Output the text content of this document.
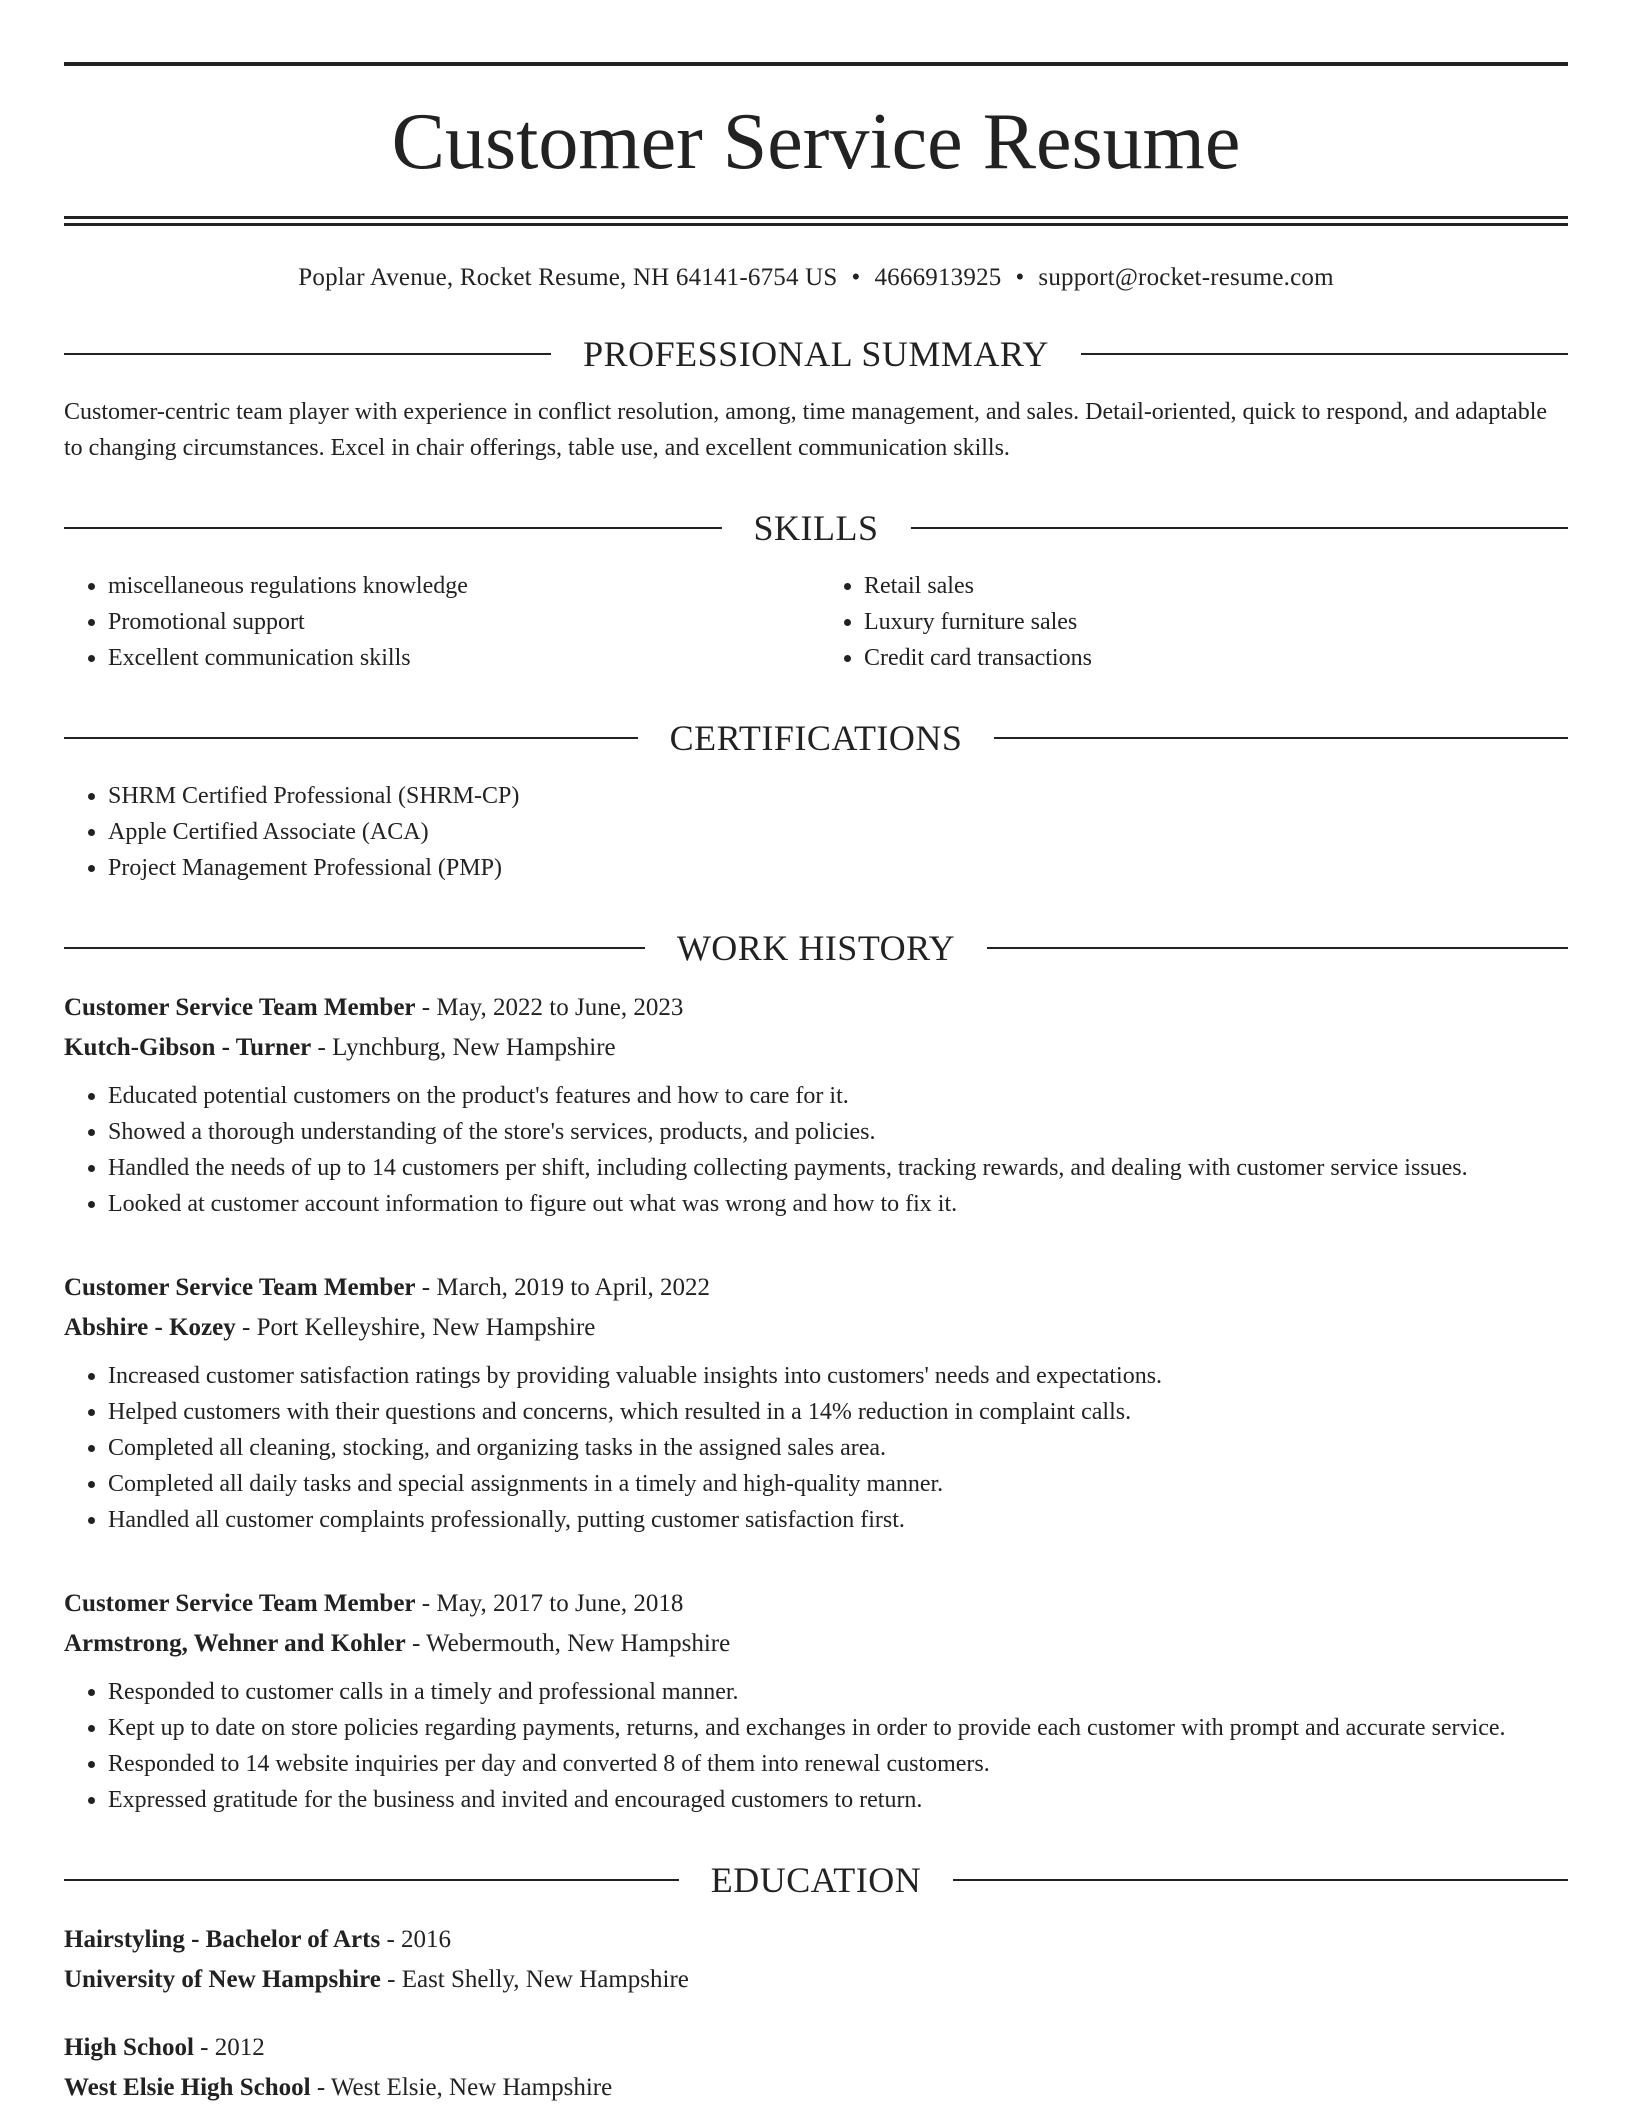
Customer Service Resume
Poplar Avenue, Rocket Resume, NH 64141-6754 US • 4666913925 • support@rocket-resume.com
PROFESSIONAL SUMMARY

Customer-centric team player with experience in conflict resolution, among, time management, and sales. Detail-oriented, quick to respond, and adaptable to changing circumstances. Excel in chair offerings, table use, and excellent communication skills.

SKILLS
• miscellaneous regulations knowledge
• Promotional support
• Excellent communication skills
• Retail sales
• Luxury furniture sales
• Credit card transactions
CERTIFICATIONS
• SHRM Certified Professional (SHRM-CP)
• Apple Certified Associate (ACA)
• Project Management Professional (PMP)
WORK HISTORY
Customer Service Team Member - May, 2022 to June, 2023
Kutch-Gibson - Turner - Lynchburg, New Hampshire
• Educated potential customers on the product's features and how to care for it.
• Showed a thorough understanding of the store's services, products, and policies.
• Handled the needs of up to 14 customers per shift, including collecting payments, tracking rewards, and dealing with customer service issues.
• Looked at customer account information to figure out what was wrong and how to fix it.
Customer Service Team Member - March, 2019 to April, 2022
Abshire - Kozey - Port Kelleyshire, New Hampshire
• Increased customer satisfaction ratings by providing valuable insights into customers' needs and expectations.
• Helped customers with their questions and concerns, which resulted in a 14% reduction in complaint calls.
• Completed all cleaning, stocking, and organizing tasks in the assigned sales area.
• Completed all daily tasks and special assignments in a timely and high-quality manner.
• Handled all customer complaints professionally, putting customer satisfaction first.
Customer Service Team Member - May, 2017 to June, 2018
Armstrong, Wehner and Kohler - Webermouth, New Hampshire
• Responded to customer calls in a timely and professional manner.
• Kept up to date on store policies regarding payments, returns, and exchanges in order to provide each customer with prompt and accurate service.
• Responded to 14 website inquiries per day and converted 8 of them into renewal customers.
• Expressed gratitude for the business and invited and encouraged customers to return.
EDUCATION
Hairstyling - Bachelor of Arts - 2016
University of New Hampshire - East Shelly, New Hampshire
High School - 2012
West Elsie High School - West Elsie, New Hampshire
